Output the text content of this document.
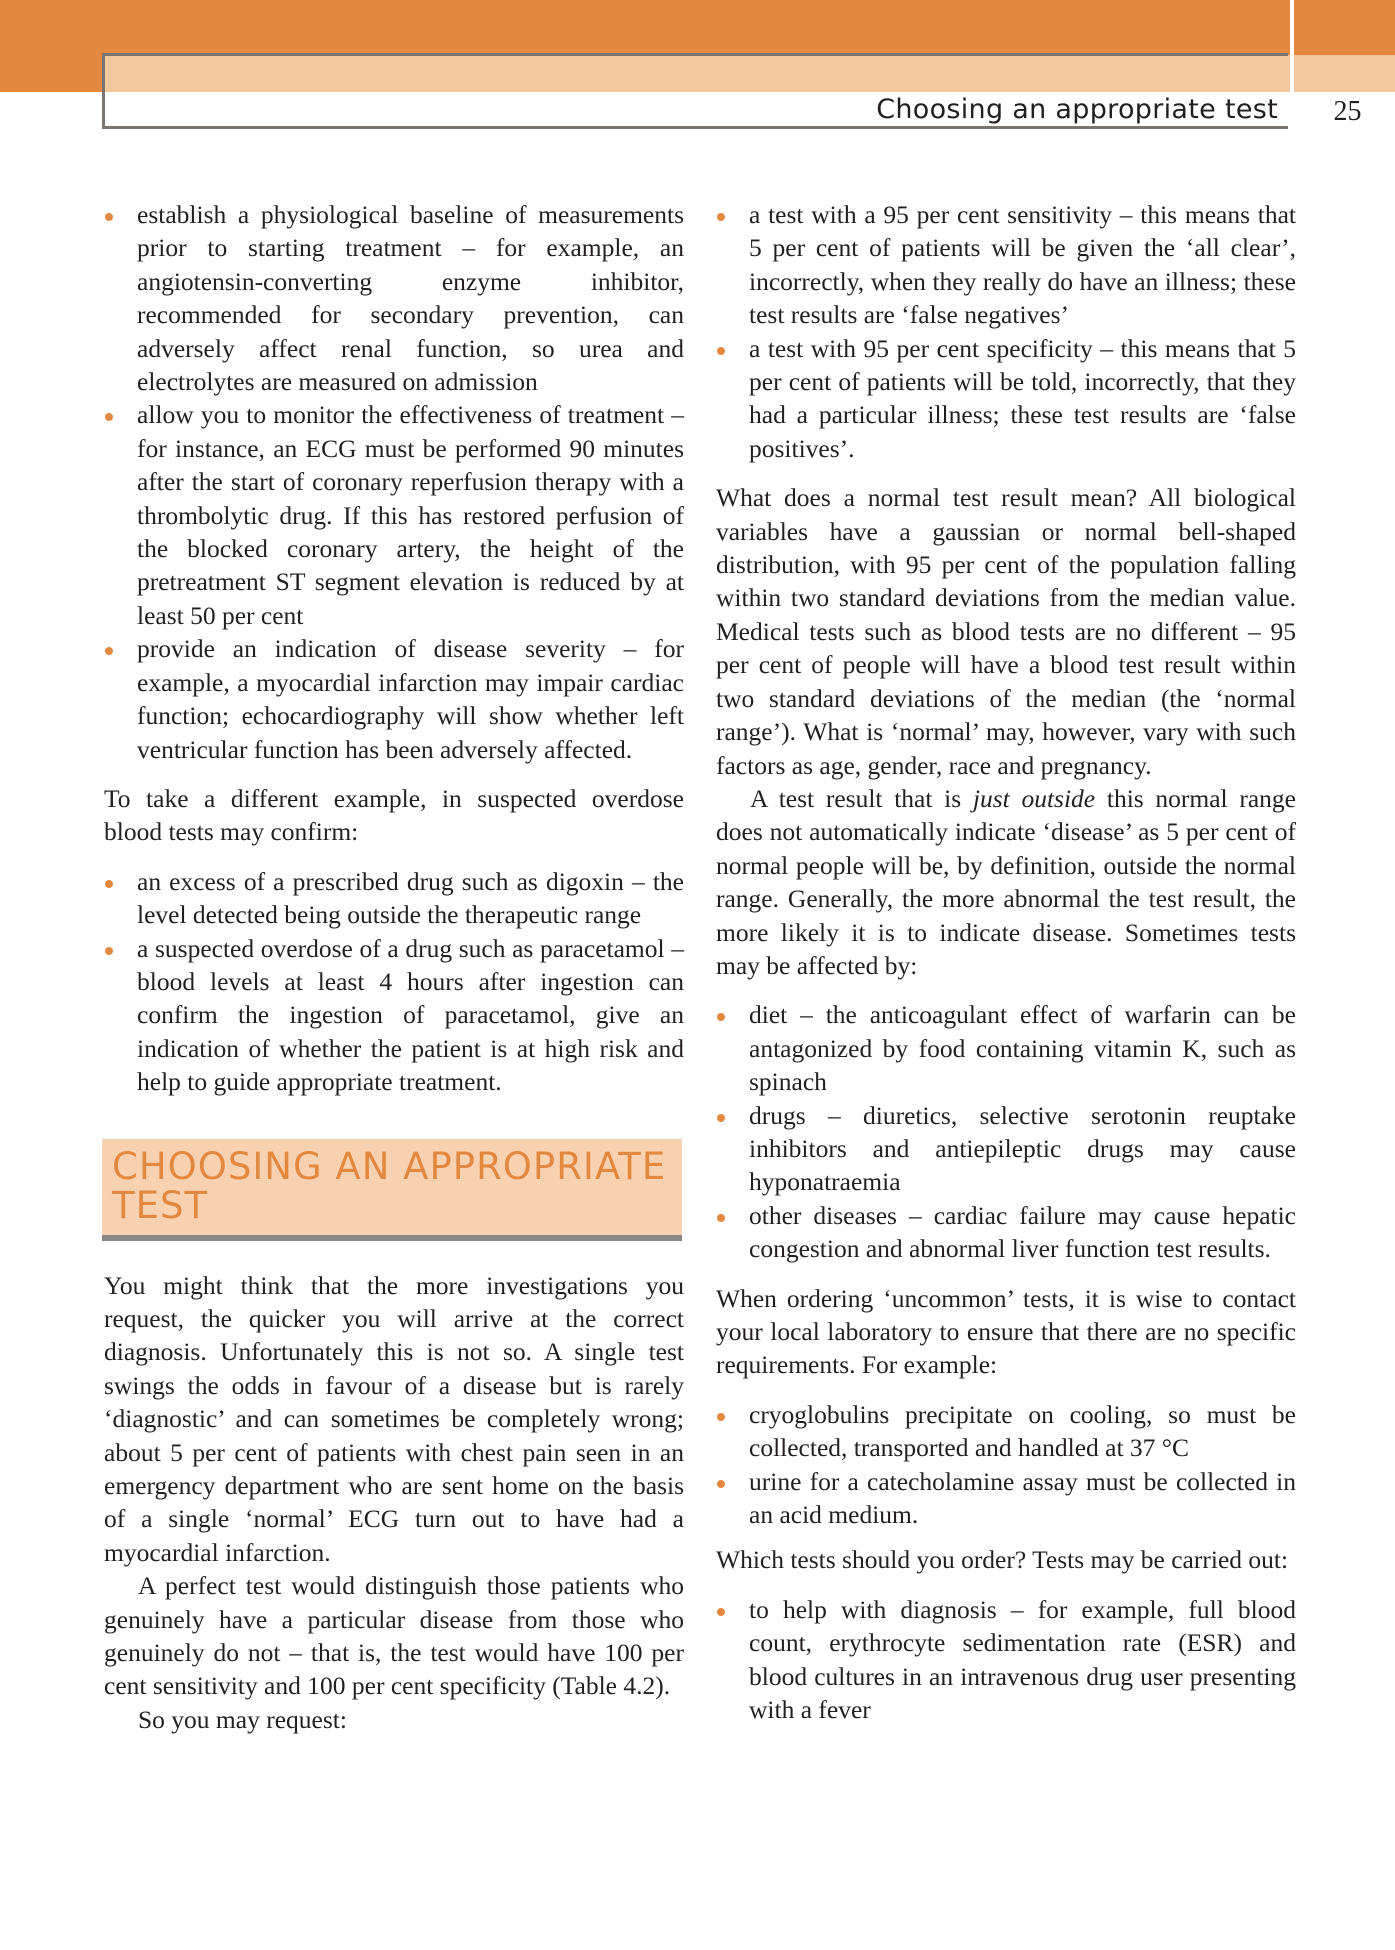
Choosing an appropriate test	25
establish a physiological baseline of measurements prior to starting treatment – for example, an angiotensin-converting enzyme inhibitor, recommended for secondary prevention, can adversely affect renal function, so urea and electrolytes are measured on admission
allow you to monitor the effectiveness of treatment – for instance, an ECG must be performed 90 minutes after the start of coronary reperfusion therapy with a thrombolytic drug. If this has restored perfusion of the blocked coronary artery, the height of the pretreatment ST segment elevation is reduced by at least 50 per cent
provide an indication of disease severity – for example, a myocardial infarction may impair cardiac function; echocardiography will show whether left ventricular function has been adversely affected.

To take a different example, in suspected overdose blood tests may confirm:

an excess of a prescribed drug such as digoxin – the level detected being outside the therapeutic range
a suspected overdose of a drug such as paracetamol – blood levels at least 4 hours after ingestion can confirm the ingestion of paracetamol, give an indication of whether the patient is at high risk and help to guide appropriate treatment.
CHOOSING AN APPROPRIATE TEST

You might think that the more investigations you request, the quicker you will arrive at the correct diagnosis. Unfortunately this is not so. A single test swings the odds in favour of a disease but is rarely ‘diagnostic’ and can sometimes be completely wrong; about 5 per cent of patients with chest pain seen in an emergency department who are sent home on the basis of a single ‘normal’ ECG turn out to have had a myocardial infarction.

A perfect test would distinguish those patients who genuinely have a particular disease from those who genuinely do not – that is, the test would have 100 per cent sensitivity and 100 per cent specificity (Table 4.2).

So you may request:

a test with a 95 per cent sensitivity – this means that 5 per cent of patients will be given the ‘all clear’, incorrectly, when they really do have an illness; these test results are ‘false negatives’
a test with 95 per cent specificity – this means that 5 per cent of patients will be told, incorrectly, that they had a particular illness; these test results are ‘false positives’.

What does a normal test result mean? All biological variables have a gaussian or normal bell-shaped distribution, with 95 per cent of the population falling within two standard deviations from the median value. Medical tests such as blood tests are no different – 95 per cent of people will have a blood test result within two standard deviations of the median (the ‘normal range’). What is ‘normal’ may, however, vary with such factors as age, gender, race and pregnancy.

A test result that is just outside this normal range does not automatically indicate ‘disease’ as 5 per cent of normal people will be, by definition, outside the normal range. Generally, the more abnormal the test result, the more likely it is to indicate disease. Sometimes tests may be affected by:

diet – the anticoagulant effect of warfarin can be antagonized by food containing vitamin K, such as spinach
drugs – diuretics, selective serotonin reuptake inhibitors and antiepileptic drugs may cause hyponatraemia
other diseases – cardiac failure may cause hepatic congestion and abnormal liver function test results.

When ordering ‘uncommon’ tests, it is wise to contact your local laboratory to ensure that there are no specific requirements. For example:

cryoglobulins precipitate on cooling, so must be collected, transported and handled at 37 °C
urine for a catecholamine assay must be collected in an acid medium.

Which tests should you order? Tests may be carried out:

to help with diagnosis – for example, full blood count, erythrocyte sedimentation rate (ESR) and blood cultures in an intravenous drug user presenting with a fever
